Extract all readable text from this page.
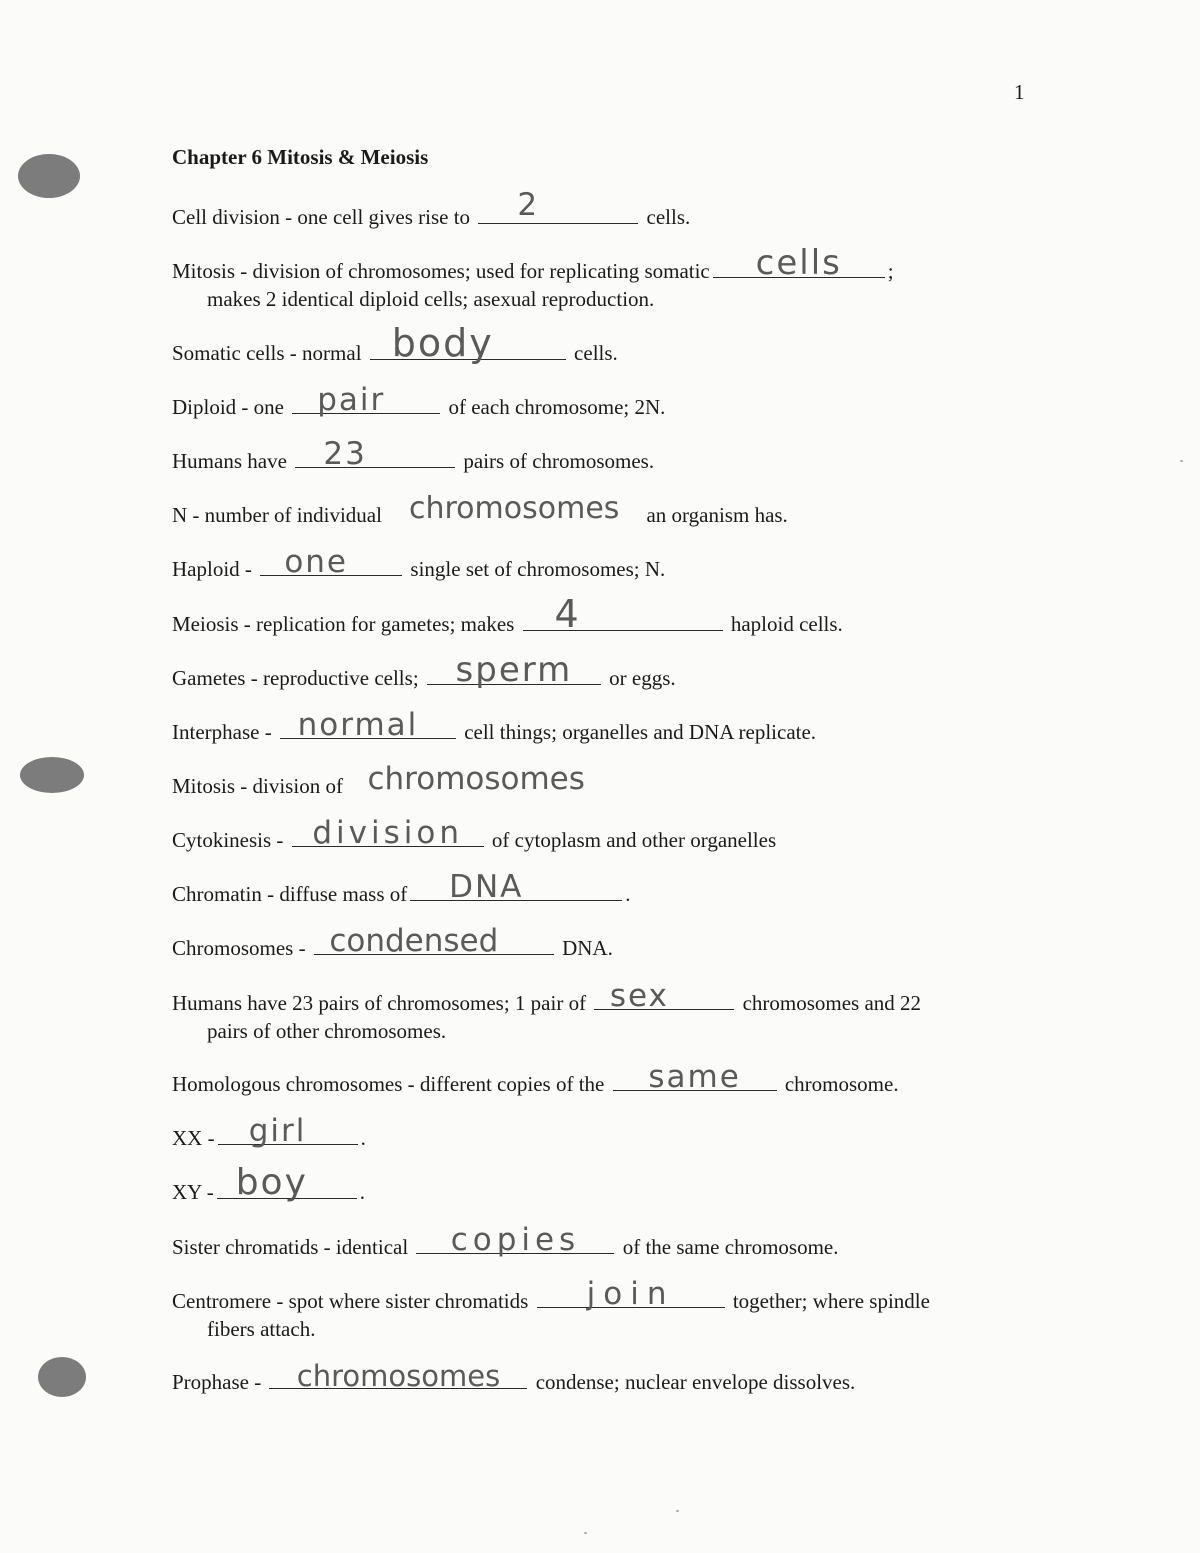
1
Chapter 6 Mitosis & Meiosis
Cell division - one cell gives rise to	2	cells.
Mitosis - division of chromosomes; used for replicating somatic	cells	;
makes 2 identical diploid cells; asexual reproduction.
Somatic cells - normal body	cells.
Diploid - one	pair	of each chromosome; 2N.
Humans have	23	pairs of chromosomes.
N - number of individual chromosomes	an organism has.
Haploid -	one	single set of chromosomes; N.
Meiosis - replication for gametes; makes	4	haploid cells.
Gametes - reproductive cells;	sperm	or eggs.
Interphase - normal	cell things; organelles and DNA replicate.
Mitosis - division of chromosomes
Cytokinesis - division	of cytoplasm and other organelles
Chromatin - diffuse mass of	DNA	.
Chromosomes - condensed	DNA.
Humans have 23 pairs of chromosomes; 1 pair of sex	chromosomes and 22
pairs of other chromosomes.
Homologous chromosomes - different copies of the	same	chromosome.
XX -	girl	.
XY - boy	.
Sister chromatids - identical	copies	of the same chromosome.
Centromere - spot where sister chromatids	join	together; where spindle
fibers attach.
Prophase -	chromosomes	condense; nuclear envelope dissolves.
